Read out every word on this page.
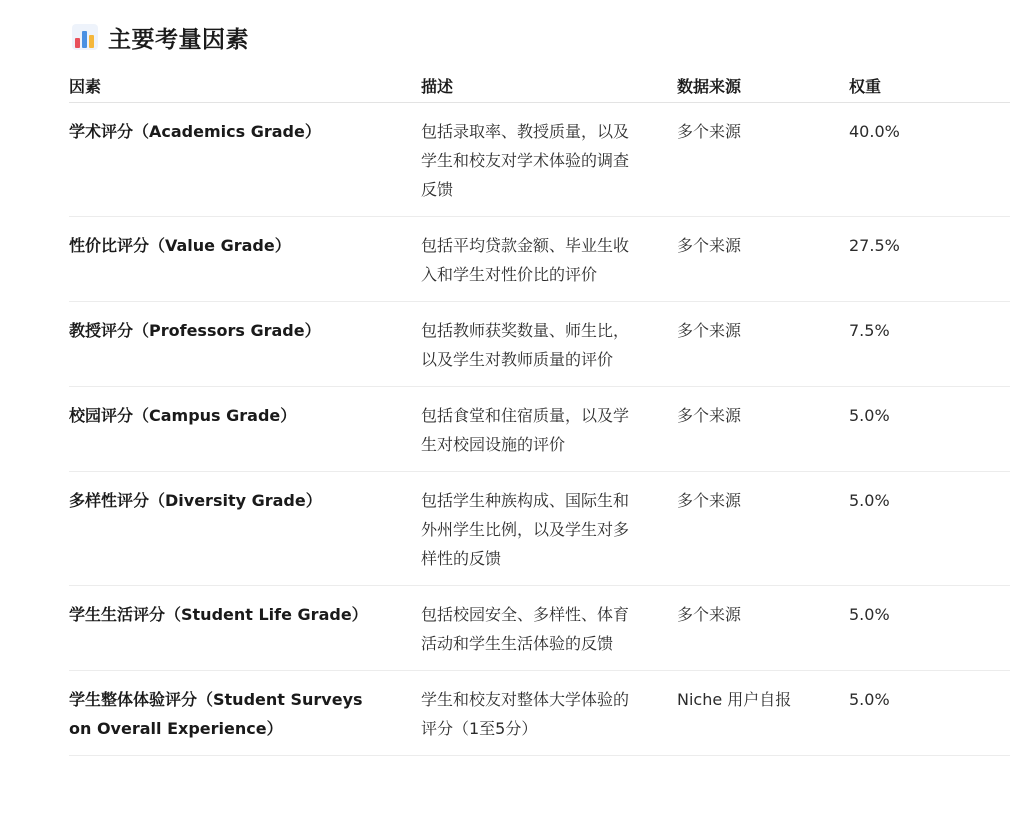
主要考量因素
因素	描述	数据来源	权重
学术评分（Academics Grade）	包括录取率、教授质量，以及学生和校友对学术体验的调查反馈	多个来源	40.0%
性价比评分（Value Grade）	包括平均贷款金额、毕业生收入和学生对性价比的评价	多个来源	27.5%
教授评分（Professors Grade）	包括教师获奖数量、师生比，以及学生对教师质量的评价	多个来源	7.5%
校园评分（Campus Grade）	包括食堂和住宿质量，以及学生对校园设施的评价	多个来源	5.0%
多样性评分（Diversity Grade）	包括学生种族构成、国际生和外州学生比例，以及学生对多样性的反馈	多个来源	5.0%
学生生活评分（Student Life Grade）	包括校园安全、多样性、体育活动和学生生活体验的反馈	多个来源	5.0%
学生整体体验评分（Student Surveys on Overall Experience）	学生和校友对整体大学体验的评分（1至5分）	Niche 用户自报	5.0%
